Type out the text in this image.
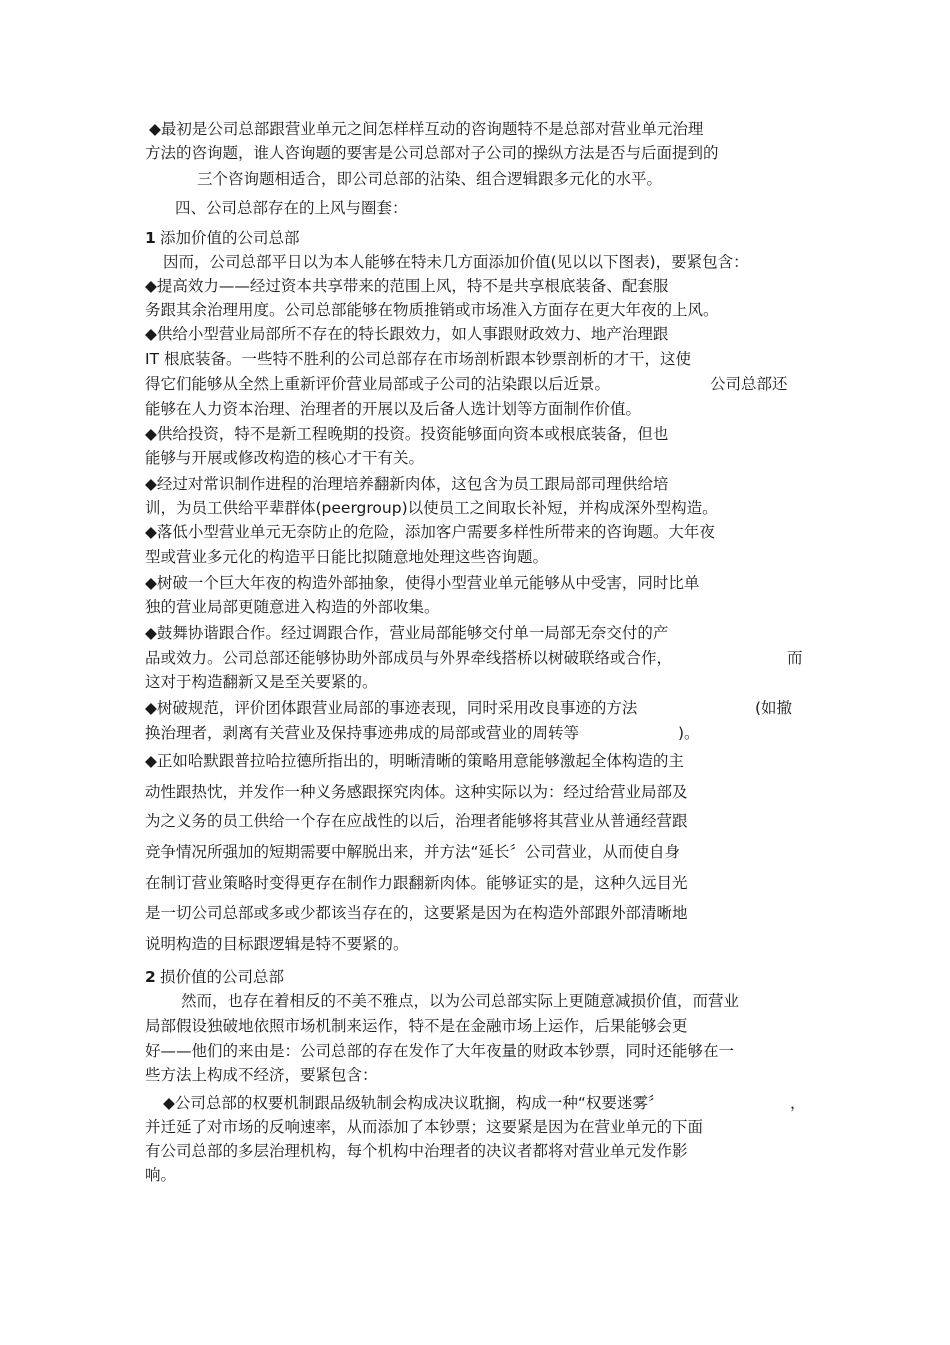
◆最初是公司总部跟营业单元之间怎样样互动的咨询题特不是总部对营业单元治理
方法的咨询题，谁人咨询题的要害是公司总部对子公司的操纵方法是否与后面提到的
三个咨询题相适合，即公司总部的沾染、组合逻辑跟多元化的水平。
四、公司总部存在的上风与圈套：
1 添加价值的公司总部
因而，公司总部平日以为本人能够在特未几方面添加价值(见以以下图表)，要紧包含：
◆提高效力——经过资本共享带来的范围上风，特不是共享根底装备、配套服
务跟其余治理用度。公司总部能够在物质推销或市场准入方面存在更大年夜的上风。
◆供给小型营业局部所不存在的特长跟效力，如人事跟财政效力、地产治理跟
IT 根底装备。一些特不胜利的公司总部存在市场剖析跟本钞票剖析的才干，这使
得它们能够从全然上重新评价营业局部或子公司的沾染跟以后近景。	公司总部还
能够在人力资本治理、治理者的开展以及后备人选计划等方面制作价值。
◆供给投资，特不是新工程晚期的投资。投资能够面向资本或根底装备，但也
能够与开展或修改构造的核心才干有关。
◆经过对常识制作进程的治理培养翻新肉体，这包含为员工跟局部司理供给培
训，为员工供给平辈群体(peergroup)以使员工之间取长补短，并构成深外型构造。
◆落低小型营业单元无奈防止的危险，添加客户需要多样性所带来的咨询题。大年夜
型或营业多元化的构造平日能比拟随意地处理这些咨询题。
◆树破一个巨大年夜的构造外部抽象，使得小型营业单元能够从中受害，同时比单
独的营业局部更随意进入构造的外部收集。
◆鼓舞协谐跟合作。经过调跟合作，营业局部能够交付单一局部无奈交付的产
品或效力。公司总部还能够协助外部成员与外界牵线搭桥以树破联络或合作，	而
这对于构造翻新又是至关要紧的。
◆树破规范，评价团体跟营业局部的事迹表现，同时采用改良事迹的方法	(如撤
换治理者，剥离有关营业及保持事迹弗成的局部或营业的周转等	)。
◆正如哈默跟普拉哈拉德所指出的，明晰清晰的策略用意能够激起全体构造的主
动性跟热忱，并发作一种义务感跟探究肉体。这种实际以为：经过给营业局部及
为之义务的员工供给一个存在应战性的以后，治理者能够将其营业从普通经营跟
竞争情况所强加的短期需要中解脱出来，并方法“延长〞公司营业，从而使自身
在制订营业策略时变得更存在制作力跟翻新肉体。能够证实的是，这种久远目光
是一切公司总部或多或少都该当存在的，这要紧是因为在构造外部跟外部清晰地
说明构造的目标跟逻辑是特不要紧的。
2 损价值的公司总部
然而，也存在着相反的不美不雅点，以为公司总部实际上更随意减损价值，而营业
局部假设独破地依照市场机制来运作，特不是在金融市场上运作，后果能够会更
好——他们的来由是：公司总部的存在发作了大年夜量的财政本钞票，同时还能够在一
些方法上构成不经济，要紧包含：
◆公司总部的权要机制跟品级轨制会构成决议耽搁，构成一种“权要迷雾〞	，
并迁延了对市场的反响速率，从而添加了本钞票；这要紧是因为在营业单元的下面
有公司总部的多层治理机构，每个机构中治理者的决议者都将对营业单元发作影
响。
